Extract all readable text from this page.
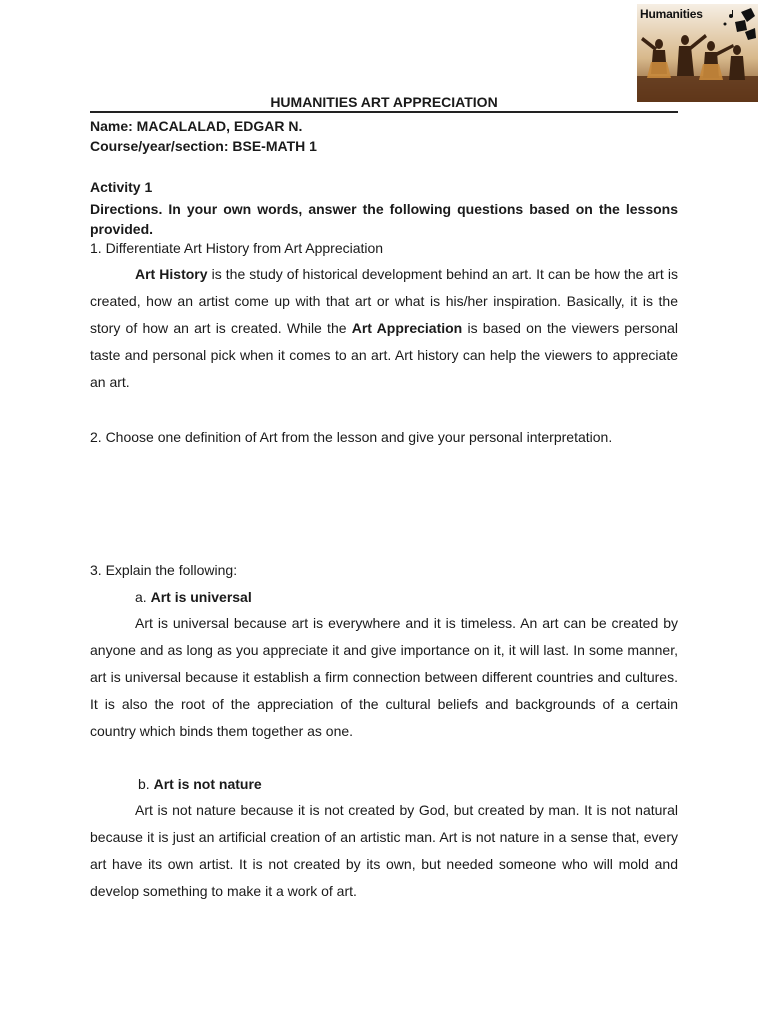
Humanities
HUMANITIES ART APPRECIATION
Name: MACALALAD, EDGAR N.
Course/year/section: BSE-MATH 1
Activity 1
Directions. In your own words, answer the following questions based on the lessons provided.
1. Differentiate Art History from Art Appreciation

Art History is the study of historical development behind an art. It can be how the art is created, how an artist come up with that art or what is his/her inspiration. Basically, it is the story of how an art is created. While the Art Appreciation is based on the viewers personal taste and personal pick when it comes to an art. Art history can help the viewers to appreciate an art.

2. Choose one definition of Art from the lesson and give your personal interpretation.
3. Explain the following:
a. Art is universal

Art is universal because art is everywhere and it is timeless. An art can be created by anyone and as long as you appreciate it and give importance on it, it will last. In some manner, art is universal because it establish a firm connection between different countries and cultures. It is also the root of the appreciation of the cultural beliefs and backgrounds of a certain country which binds them together as one.

b. Art is not nature

Art is not nature because it is not created by God, but created by man. It is not natural because it is just an artificial creation of an artistic man. Art is not nature in a sense that, every art have its own artist. It is not created by its own, but needed someone who will mold and develop something to make it a work of art.
